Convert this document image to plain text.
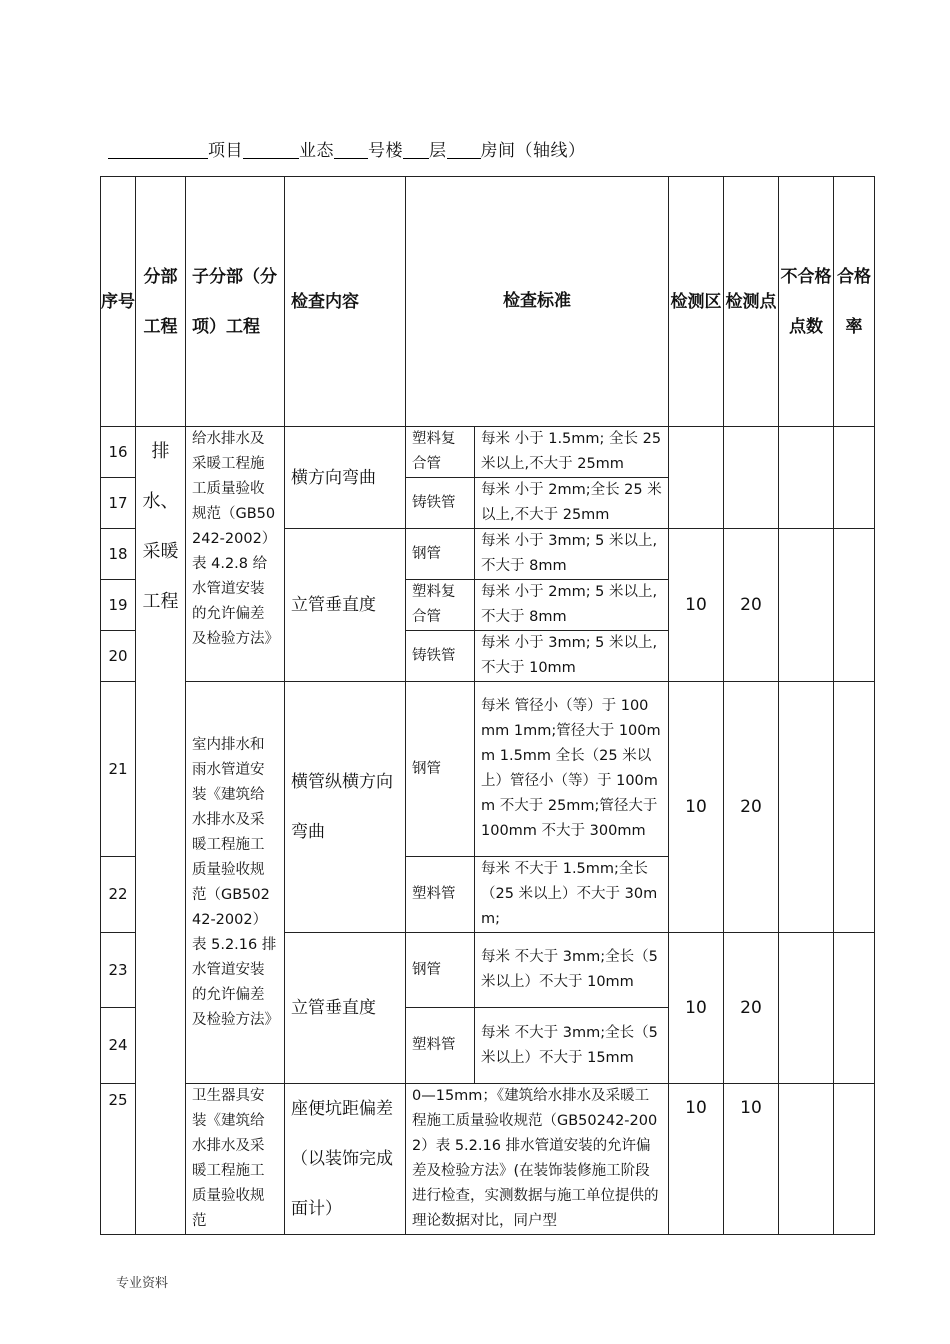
项目	业态 号楼 层 房间（轴线）
序号	分部工程	子分部（分项）工程	检查内容	检查标准		检测区	检测点	不合格点数	合格率
16	排水、采暖工程	给水排水及采暖工程施工质量验收规范（GB50242-2002）表 4.2.8 给水管道安装的允许偏差及检验方法》	横方向弯曲	塑料复合管	每米 小于 1.5mm; 全长 25 米以上,不大于 25mm				
17				铸铁管	每米 小于 2mm;全长 25 米以上,不大于 25mm				
18			立管垂直度	钢管	每米 小于 3mm; 5 米以上,不大于 8mm	10	20		
19				塑料复合管	每米 小于 2mm; 5 米以上,不大于 8mm				
20				铸铁管	每米 小于 3mm; 5 米以上,不大于 10mm				
21		室内排水和雨水管道安装《建筑给水排水及采暖工程施工质量验收规范（GB50242-2002）表 5.2.16 排水管道安装的允许偏差及检验方法》	横管纵横方向弯曲	钢管	每米 管径小（等）于 100mm 1mm;管径大于 100mm 1.5mm 全长（25 米以上）管径小（等）于 100mm 不大于 25mm;管径大于 100mm 不大于 300mm	10	20		
22				塑料管	每米 不大于 1.5mm;全长（25 米以上）不大于 30mm;				
23			立管垂直度	钢管	每米 不大于 3mm;全长（5 米以上）不大于 10mm	10	20		
24				塑料管	每米 不大于 3mm;全长（5 米以上）不大于 15mm				
25		卫生器具安装《建筑给水排水及采暖工程施工质量验收规范	座便坑距偏差（以装饰完成面计）	0—15mm；《建筑给水排水及采暖工程施工质量验收规范（GB50242-2002）表 5.2.16 排水管道安装的允许偏差及检验方法》(在装饰装修施工阶段进行检查，实测数据与施工单位提供的理论数据对比，同户型		10	10		
专业资料
